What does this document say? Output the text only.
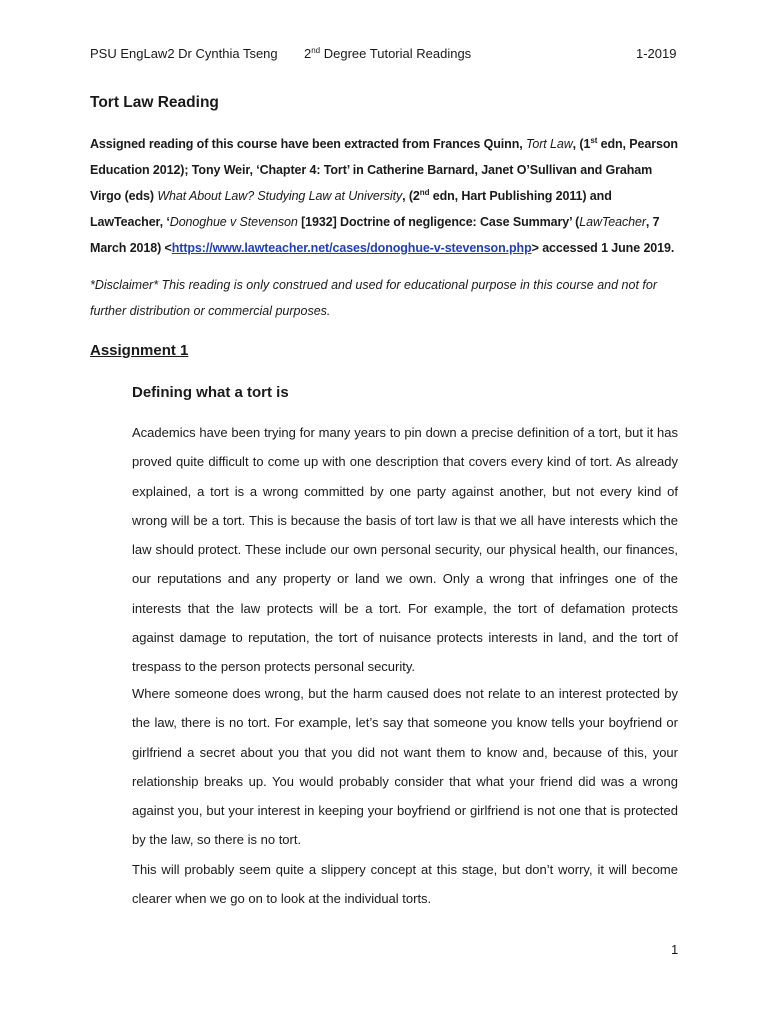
PSU EngLaw2 Dr Cynthia Tseng 2nd Degree Tutorial Readings	1-2019
Tort Law Reading
Assigned reading of this course have been extracted from Frances Quinn, Tort Law, (1st edn, Pearson Education 2012); Tony Weir, ‘Chapter 4: Tort’ in Catherine Barnard, Janet O’Sullivan and Graham Virgo (eds) What About Law? Studying Law at University, (2nd edn, Hart Publishing 2011) and LawTeacher, ‘Donoghue v Stevenson [1932] Doctrine of negligence: Case Summary’ (LawTeacher, 7 March 2018) <https://www.lawteacher.net/cases/donoghue-v-stevenson.php> accessed 1 June 2019.
*Disclaimer* This reading is only construed and used for educational purpose in this course and not for further distribution or commercial purposes.
Assignment 1
Defining what a tort is
Academics have been trying for many years to pin down a precise definition of a tort, but it has proved quite difficult to come up with one description that covers every kind of tort. As already explained, a tort is a wrong committed by one party against another, but not every kind of wrong will be a tort. This is because the basis of tort law is that we all have interests which the law should protect. These include our own personal security, our physical health, our finances, our reputations and any property or land we own. Only a wrong that infringes one of the interests that the law protects will be a tort. For example, the tort of defamation protects against damage to reputation, the tort of nuisance protects interests in land, and the tort of trespass to the person protects personal security.
Where someone does wrong, but the harm caused does not relate to an interest protected by the law, there is no tort. For example, let’s say that someone you know tells your boyfriend or girlfriend a secret about you that you did not want them to know and, because of this, your relationship breaks up. You would probably consider that what your friend did was a wrong against you, but your interest in keeping your boyfriend or girlfriend is not one that is protected by the law, so there is no tort.
This will probably seem quite a slippery concept at this stage, but don’t worry, it will become clearer when we go on to look at the individual torts.
1
